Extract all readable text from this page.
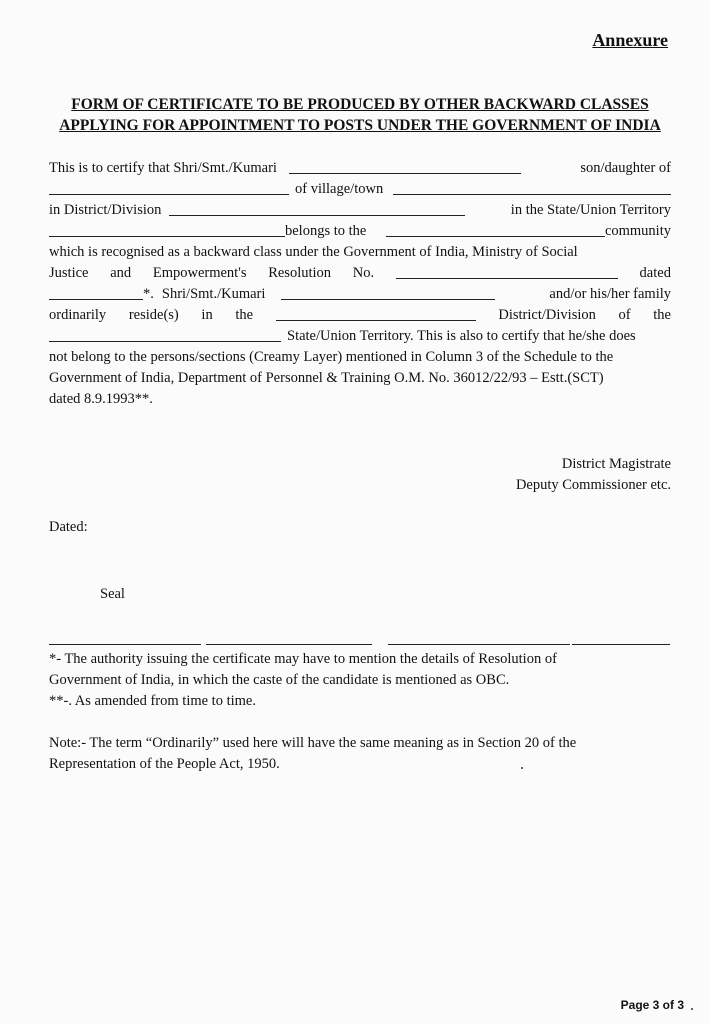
Annexure
FORM OF CERTIFICATE TO BE PRODUCED BY OTHER BACKWARD CLASSES
APPLYING FOR APPOINTMENT TO POSTS UNDER THE GOVERNMENT OF INDIA
This is to certify that Shri/Smt./Kumari	son/daughter of
of village/town
in District/Division	in the State/Union Territory
belongs to the	community
which is recognised as a backward class under the Government of India, Ministry of Social
Justice and Empowerment's Resolution No.	dated
*. Shri/Smt./Kumari	and/or his/her family
ordinarily reside(s) in the	District/Division of the
State/Union Territory. This is also to certify that he/she does
not belong to the persons/sections (Creamy Layer) mentioned in Column 3 of the Schedule to the
Government of India, Department of Personnel & Training O.M. No. 36012/22/93 – Estt.(SCT)
dated 8.9.1993**.
District Magistrate
Deputy Commissioner etc.
Dated:
Seal
*- The authority issuing the certificate may have to mention the details of Resolution of
Government of India, in which the caste of the candidate is mentioned as OBC.
**-. As amended from time to time.
Note:- The term “Ordinarily” used here will have the same meaning as in Section 20 of the
Representation of the People Act, 1950.
Page 3 of 3
